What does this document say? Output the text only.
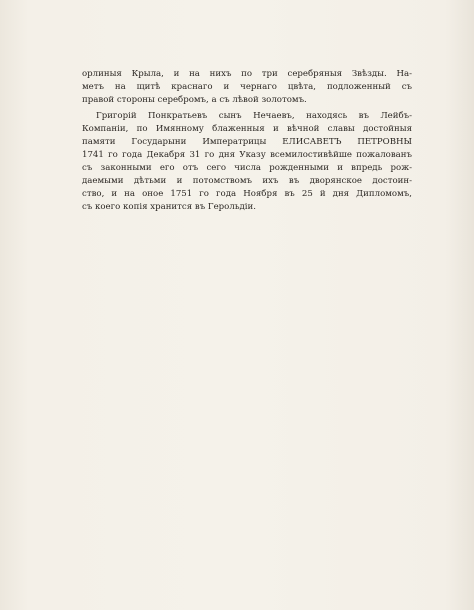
орлиныя Крыла, и на нихъ по три серебряныя Звѣзды. На-
метъ на щитѣ краснаго и чернаго цвѣта, подложенный съ
правой стороны серебромъ, а съ лѣвой золотомъ.
Григорій Понкратьевъ сынъ Нечаевъ, находясь въ Лейбъ-
Компаніи, по Имянному блаженныя и вѣчной славы достойныя
памяти Государыни Императрицы ЕЛИСАВЕТЪ ПЕТРОВНЫ
1741 го года Декабря 31 го дня Указу всемилостивѣйше пожалованъ
съ законными его отъ сего числа рожденными и впредь рож-
даемыми дѣтьми и потомствомъ ихъ въ дворянское достоин-
ство, и на оное 1751 го года Ноября въ 25 й дня Дипломомъ,
съ коего копія хранится въ Герольдіи.
